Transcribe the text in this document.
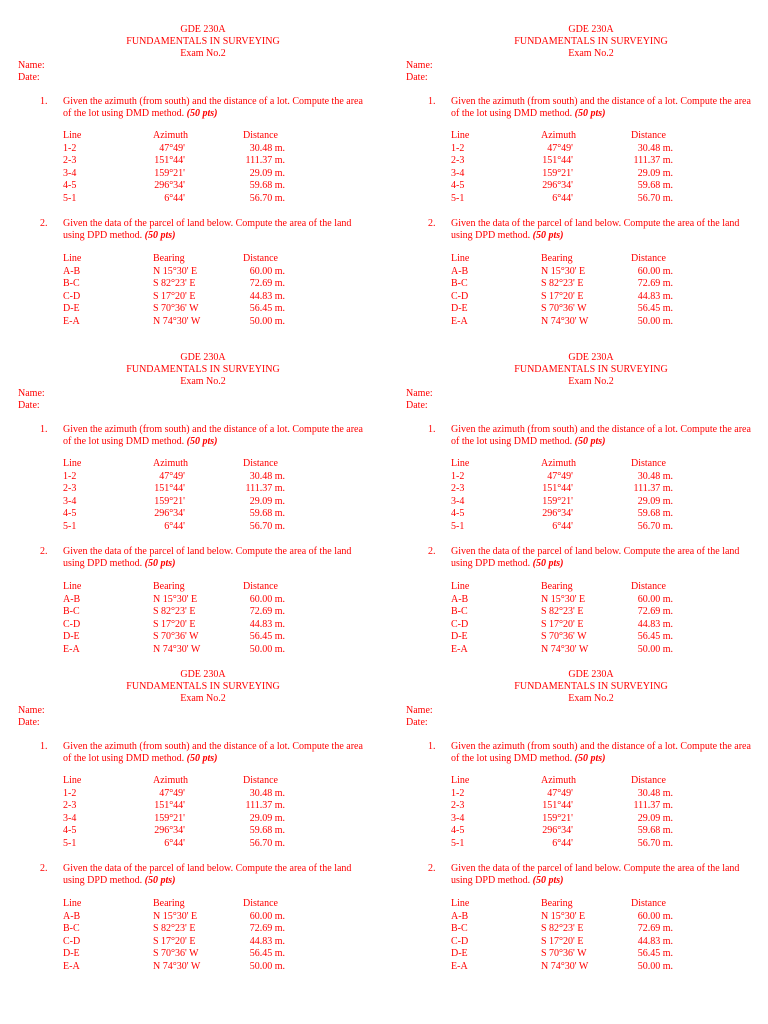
GDE 230A
FUNDAMENTALS IN SURVEYING
Exam No.2
Name:
Date:
1. Given the azimuth (from south) and the distance of a lot. Compute the area of the lot using DMD method. (50 pts)
Line	Azimuth	Distance
1-2	47°49'	30.48 m.
2-3	151°44'	111.37 m.
3-4	159°21'	29.09 m.
4-5	296°34'	59.68 m.
5-1	6°44'	56.70 m.
2. Given the data of the parcel of land below. Compute the area of the land using DPD method. (50 pts)
Line	Bearing	Distance
A-B	N 15°30' E	60.00 m.
B-C	S 82°23' E	72.69 m.
C-D	S 17°20' E	44.83 m.
D-E	S 70°36' W	56.45 m.
E-A	N 74°30' W	50.00 m.
GDE 230A
FUNDAMENTALS IN SURVEYING
Exam No.2
Name:
Date:
1. Given the azimuth (from south) and the distance of a lot. Compute the area of the lot using DMD method. (50 pts)
Line	Azimuth	Distance
1-2	47°49'	30.48 m.
2-3	151°44'	111.37 m.
3-4	159°21'	29.09 m.
4-5	296°34'	59.68 m.
5-1	6°44'	56.70 m.
2. Given the data of the parcel of land below. Compute the area of the land using DPD method. (50 pts)
Line	Bearing	Distance
A-B	N 15°30' E	60.00 m.
B-C	S 82°23' E	72.69 m.
C-D	S 17°20' E	44.83 m.
D-E	S 70°36' W	56.45 m.
E-A	N 74°30' W	50.00 m.
GDE 230A
FUNDAMENTALS IN SURVEYING
Exam No.2
Name:
Date:
1. Given the azimuth (from south) and the distance of a lot. Compute the area of the lot using DMD method. (50 pts)
Line	Azimuth	Distance
1-2	47°49'	30.48 m.
2-3	151°44'	111.37 m.
3-4	159°21'	29.09 m.
4-5	296°34'	59.68 m.
5-1	6°44'	56.70 m.
2. Given the data of the parcel of land below. Compute the area of the land using DPD method. (50 pts)
Line	Bearing	Distance
A-B	N 15°30' E	60.00 m.
B-C	S 82°23' E	72.69 m.
C-D	S 17°20' E	44.83 m.
D-E	S 70°36' W	56.45 m.
E-A	N 74°30' W	50.00 m.
GDE 230A
FUNDAMENTALS IN SURVEYING
Exam No.2
Name:
Date:
1. Given the azimuth (from south) and the distance of a lot. Compute the area of the lot using DMD method. (50 pts)
Line	Azimuth	Distance
1-2	47°49'	30.48 m.
2-3	151°44'	111.37 m.
3-4	159°21'	29.09 m.
4-5	296°34'	59.68 m.
5-1	6°44'	56.70 m.
2. Given the data of the parcel of land below. Compute the area of the land using DPD method. (50 pts)
Line	Bearing	Distance
A-B	N 15°30' E	60.00 m.
B-C	S 82°23' E	72.69 m.
C-D	S 17°20' E	44.83 m.
D-E	S 70°36' W	56.45 m.
E-A	N 74°30' W	50.00 m.
GDE 230A
FUNDAMENTALS IN SURVEYING
Exam No.2
Name:
Date:
1. Given the azimuth (from south) and the distance of a lot. Compute the area of the lot using DMD method. (50 pts)
Line	Azimuth	Distance
1-2	47°49'	30.48 m.
2-3	151°44'	111.37 m.
3-4	159°21'	29.09 m.
4-5	296°34'	59.68 m.
5-1	6°44'	56.70 m.
2. Given the data of the parcel of land below. Compute the area of the land using DPD method. (50 pts)
Line	Bearing	Distance
A-B	N 15°30' E	60.00 m.
B-C	S 82°23' E	72.69 m.
C-D	S 17°20' E	44.83 m.
D-E	S 70°36' W	56.45 m.
E-A	N 74°30' W	50.00 m.
GDE 230A
FUNDAMENTALS IN SURVEYING
Exam No.2
Name:
Date:
1. Given the azimuth (from south) and the distance of a lot. Compute the area of the lot using DMD method. (50 pts)
Line	Azimuth	Distance
1-2	47°49'	30.48 m.
2-3	151°44'	111.37 m.
3-4	159°21'	29.09 m.
4-5	296°34'	59.68 m.
5-1	6°44'	56.70 m.
2. Given the data of the parcel of land below. Compute the area of the land using DPD method. (50 pts)
Line	Bearing	Distance
A-B	N 15°30' E	60.00 m.
B-C	S 82°23' E	72.69 m.
C-D	S 17°20' E	44.83 m.
D-E	S 70°36' W	56.45 m.
E-A	N 74°30' W	50.00 m.
